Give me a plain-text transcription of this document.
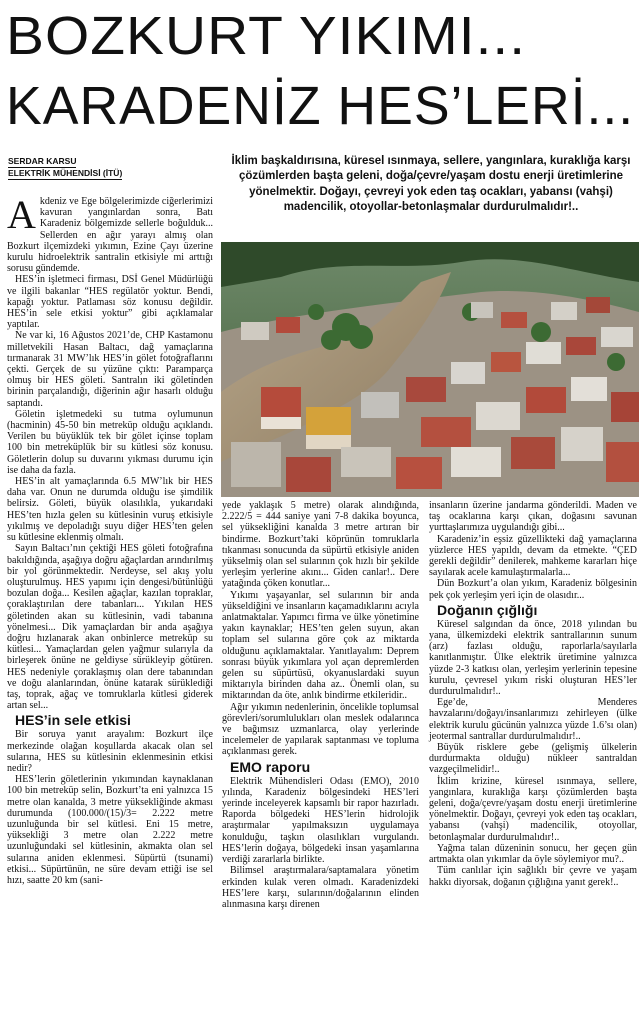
BOZKURT YIKIMI...
KARADENİZ HES’LERİ...
SERDAR KARSU
ELEKTRİK MÜHENDİSİ (İTÜ)
İklim başkaldırısına, küresel ısınmaya, sellere, yangınlara, kuraklığa karşı çözümlerden başta geleni, doğa/çevre/yaşam dostu enerji üretimlerine yönelmektir. Doğayı, çevreyi yok eden taş ocakları, yabansı (vahşi) madencilik, otoyollar-betonlaşmalar durdurulmalıdır!..

Akdeniz ve Ege bölgelerimizde ciğerlerimizi kavuran yangınlardan sonra, Batı Karadeniz bölgemizde sellerle boğulduk... Sellerden en ağır yarayı almış olan Bozkurt ilçemizdeki yıkımın, Ezine Çayı üzerine kurulu hidroelektrik santralin etkisiyle mi arttığı sorusu gündemde.

HES’in işletmeci firması, DSİ Genel Müdürlüğü ve ilgili bakanlar “HES regülatör yoktur. Bendi, kapağı yoktur. Patlaması söz konusu değildir. HES’in sele etkisi yoktur” gibi açıklamalar yaptılar.

Ne var ki, 16 Ağustos 2021’de, CHP Kastamonu milletvekili Hasan Baltacı, dağ yamaçlarına tırmanarak 31 MW’lık HES’in gölet fotoğraflarını çekti. Gerçek de su yüzüne çıktı: Paramparça olmuş bir HES göleti. Santralın iki göletinden birinin parçalandığı, diğerinin ağır hasarlı olduğu saptandı.

Göletin işletmedeki su tutma oylumunun (hacminin) 45-50 bin metreküp olduğu açıklandı. Verilen bu büyüklük tek bir gölet içinse toplam 100 bin metreküplük bir su kütlesi söz konusu. Göletlerin dolup su duvarını yıkması durumu için ise daha da fazla.

HES’in alt yamaçlarında 6.5 MW’lık bir HES daha var. Onun ne durumda olduğu ise şimdilik belirsiz. Göleti, büyük olasılıkla, yukarıdaki HES’ten hızla gelen su kütlesinin vuruş etkisiyle yıkılmış ve depoladığı suyu diğer HES’ten gelen su kütlesine eklenmiş olmalı.

Sayın Baltacı’nın çektiği HES göleti fotoğrafına bakıldığında, aşağıya doğru ağaçlardan arındırılmış bir yol görünmektedir. Nerdeyse, sel akış yolu oluşturulmuş. HES yapımı için dengesi/bütünlüğü bozulan doğa... Kesilen ağaçlar, kazılan topraklar, çoraklaştırılan dere tabanları... Yıkılan HES göletinden akan su kütlesinin, vadi tabanına yönelmesi... Dik yamaçlardan bir anda aşağıya doğru hızlanarak akan onbinlerce metreküp su kütlesi... Yamaçlardan gelen yağmur sularıyla da birleşerek önüne ne geldiyse sürükleyip götüren. HES nedeniyle çoraklaşmış olan dere tabanından ve doğu alanlarından, önüne katarak sürüklediği taş, toprak, ağaç ve tomruklarla kütlesi giderek artan sel...

HES’in sele etkisi

Bir soruya yanıt arayalım: Bozkurt ilçe merkezinde olağan koşullarda akacak olan sel sularına, HES su kütlesinin eklenmesinin etkisi nedir?

HES’lerin göletlerinin yıkımından kaynaklanan 100 bin metreküp selin, Bozkurt’ta eni yalnızca 15 metre olan kanalda, 3 metre yüksekliğinde akması durumunda (100.000/(15)/3= 2.222 metre uzunluğunda bir sel kütlesi. Eni 15 metre, yüksekliği 3 metre olan 2.222 metre uzunluğundaki sel kütlesinin, akmakta olan sel sularına aniden eklenmesi. Süpürtü (tsunami) etkisi... Süpürtünün, ne süre devam ettiği ise sel hızı, saatte 20 km (sani-

yede yaklaşık 5 metre) olarak alındığında, 2.222/5 = 444 saniye yani 7-8 dakika boyunca, sel yüksekliğini kanalda 3 metre artıran bir bindirme. Bozkurt’taki köprünün tomruklarla tıkanması sonucunda da süpürtü etkisiyle aniden yükselmiş olan sel sularının çok hızlı bir şekilde yerleşim yerlerine akını... Giden canlar!.. Dere yatağında çöken konutlar...

Yıkımı yaşayanlar, sel sularının bir anda yükseldiğini ve insanların kaçamadıklarını acıyla anlatmaktalar. Yapımcı firma ve ülke yönetimine yakın kaynaklar; HES’ten gelen suyun, akan toplam sel sularına göre çok az miktarda olduğunu açıklamaktalar. Yanıtlayalım: Deprem sonrası büyük yıkımlara yol açan depremlerden gelen su süpürtüsü, okyanuslardaki suyun miktarıyla birinden daha az.. Önemli olan, su miktarından da öte, anlık bindirme etkileridir..

Ağır yıkımın nedenlerinin, öncelikle toplumsal görevleri/sorumlulukları olan meslek odalarınca ve bağımsız uzmanlarca, olay yerlerinde incelemeler de yapılarak saptanması ve topluma açıklanması gerek.

EMO raporu

Elektrik Mühendisleri Odası (EMO), 2010 yılında, Karadeniz bölgesindeki HES’leri yerinde inceleyerek kapsamlı bir rapor hazırladı. Raporda bölgedeki HES’lerin hidrolojik araştırmalar yapılmaksızın uygulamaya konulduğu, taşkın olasılıkları vurgulandı. HES’lerin doğaya, bölgedeki insan yaşamlarına verdiği zararlarla birlikte.

Bilimsel araştırmalara/saptamalara yönetim erkinden kulak veren olmadı. Karadenizdeki HES’lere karşı, sularının/doğalarının elinden alınmasına karşı direnen

insanların üzerine jandarma gönderildi. Maden ve taş ocaklarına karşı çıkan, doğasını savunan yurttaşlarımıza uygulandığı gibi...

Karadeniz’in eşsiz güzellikteki dağ yamaçlarına yüzlerce HES yapıldı, devam da etmekte. “ÇED gerekli değildir” denilerek, mahkeme kararları hiçe sayılarak acele kamulaştırmalarla...

Dün Bozkurt’a olan yıkım, Karadeniz bölgesinin pek çok yerleşim yeri için de olasıdır...

Doğanın çığlığı

Küresel salgından da önce, 2018 yılından bu yana, ülkemizdeki elektrik santrallarının sunum (arz) fazlası olduğu, raporlarla/sayılarla kanıtlanmıştır. Ülke elektrik üretimine yalnızca yüzde 2-3 katkısı olan, yerleşim yerlerinin tepesine kurulu, çevresel yıkım riski oluşturan HES’ler durdurulmalıdır!..

Ege’de, Menderes havzalarını/doğayı/insanlarımızı zehirleyen (ülke elektrik kurulu gücünün yalnızca yüzde 1.6’sı olan) jeotermal santrallar durdurulmalıdır!..

Büyük risklere gebe (gelişmiş ülkelerin durdurmakta olduğu) nükleer santraldan vazgeçilmelidir!..

İklim krizine, küresel ısınmaya, sellere, yangınlara, kuraklığa karşı çözümlerden başta geleni, doğa/çevre/yaşam dostu enerji üretimlerine yönelmektir. Doğayı, çevreyi yok eden taş ocakları, yabansı (vahşi) madencilik, otoyollar, betonlaşmalar durdurulmalıdır!..

Yağma talan düzeninin sonucu, her geçen gün artmakta olan yıkımlar da öyle söylemiyor mu?..

Tüm canlılar için sağlıklı bir çevre ve yaşam hakkı diyorsak, doğanın çığlığına yanıt gerek!..
